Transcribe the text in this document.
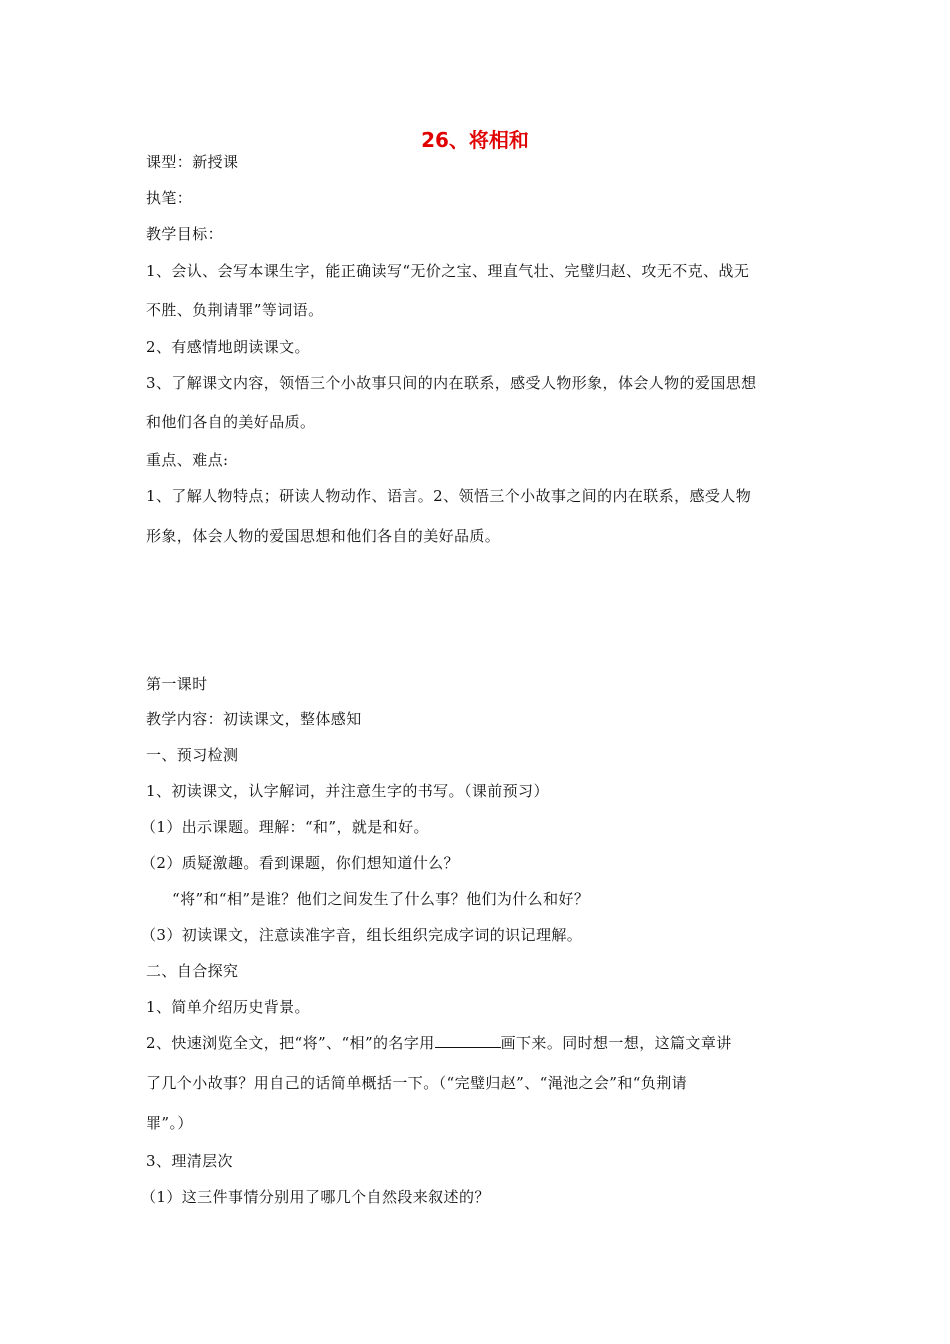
26、将相和
课型：新授课
执笔：
教学目标：
1、会认、会写本课生字，能正确读写“无价之宝、理直气壮、完璧归赵、攻无不克、战无
不胜、负荆请罪”等词语。
2、有感情地朗读课文。
3、了解课文内容，领悟三个小故事只间的内在联系，感受人物形象，体会人物的爱国思想
和他们各自的美好品质。
重点、难点:
1、了解人物特点；研读人物动作、语言。2、领悟三个小故事之间的内在联系，感受人物
形象，体会人物的爱国思想和他们各自的美好品质。
第一课时
教学内容：初读课文，整体感知
一、预习检测
1、初读课文，认字解词，并注意生字的书写。（课前预习）
（1）出示课题。理解：“和”，就是和好。
（2）质疑激趣。看到课题，你们想知道什么？
“将”和“相”是谁？他们之间发生了什么事？他们为什么和好？
（3）初读课文，注意读准字音，组长组织完成字词的识记理解。
二、自合探究
1、简单介绍历史背景。
2、快速浏览全文，把“将”、“相”的名字用	画下来。同时想一想，这篇文章讲
了几个小故事？用自己的话简单概括一下。（“完璧归赵”、“渑池之会”和“负荆请
罪”。）
3、理清层次
（1）这三件事情分别用了哪几个自然段来叙述的？
